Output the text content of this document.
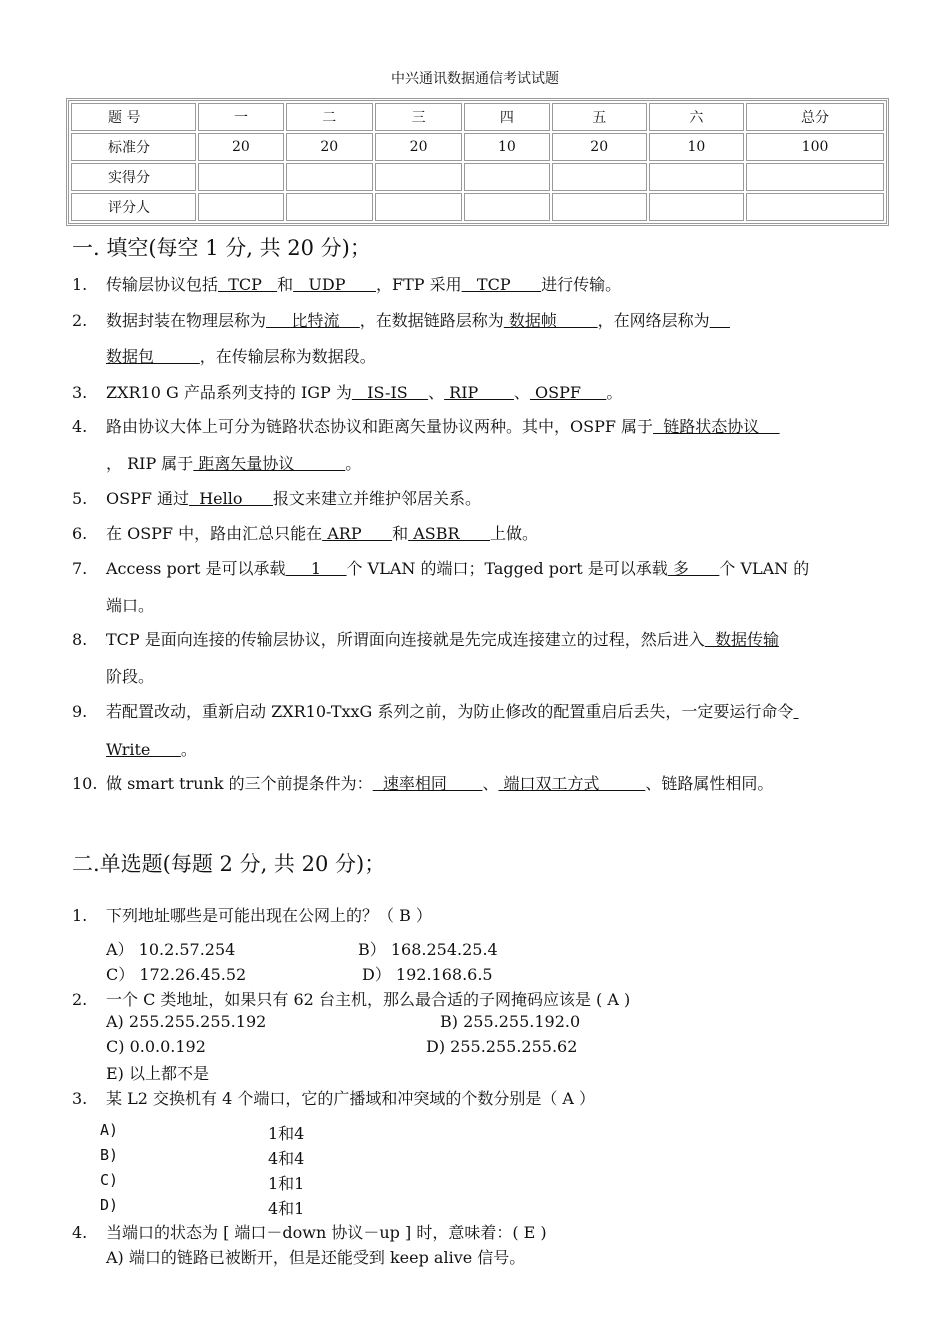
中兴通讯数据通信考试试题
题 号	一	二	三	四	五	六	总分
标准分	20	20	20	10	20	10	100
实得分							
评分人							
一. 填空(每空 1 分, 共 20 分)；
1. 传输层协议包括  TCP   和   UDP      ，FTP 采用   TCP      进行传输。
2. 数据封装在物理层称为     比特流    ，在数据链路层称为 数据帧        ，在网络层称为
数据包         ，在传输层称为数据段。
3. ZXR10 G 产品系列支持的 IGP 为   IS-IS    、 RIP       、 OSPF     。
4. 路由协议大体上可分为链路状态协议和距离矢量协议两种。其中，OSPF 属于  链路状态协议
， RIP 属于 距离矢量协议          。
5. OSPF 通过  Hello      报文来建立并维护邻居关系。
6. 在 OSPF 中，路由汇总只能在 ARP      和 ASBR      上做。
7. Access port 是可以承载     1     个 VLAN 的端口；Tagged port 是可以承载 多      个 VLAN 的
端口。
8. TCP 是面向连接的传输层协议，所谓面向连接就是先完成连接建立的过程，然后进入  数据传输
阶段。
9. 若配置改动，重新启动 ZXR10-TxxG 系列之前，为防止修改的配置重启后丢失，一定要运行命令
Write      。
10. 做 smart trunk 的三个前提条件为：  速率相同       、 端口双工方式         、链路属性相同。
二.单选题(每题 2 分, 共 20 分)；
1. 下列地址哪些是可能出现在公网上的？（ B ）
A） 10.2.57.254	B） 168.254.25.4
C） 172.26.45.52	D） 192.168.6.5
2. 一个 C 类地址，如果只有 62 台主机，那么最合适的子网掩码应该是 ( A )
A) 255.255.255.192	B) 255.255.192.0
C) 0.0.0.192	D) 255.255.255.62
E) 以上都不是
3. 某 L2 交换机有 4 个端口，它的广播域和冲突域的个数分别是（ A ）
A)	1和4
B)	4和4
C)	1和1
D)	4和1
4. 当端口的状态为 [ 端口－down 协议－up ] 时，意味着：( E )
A) 端口的链路已被断开，但是还能受到 keep alive 信号。
